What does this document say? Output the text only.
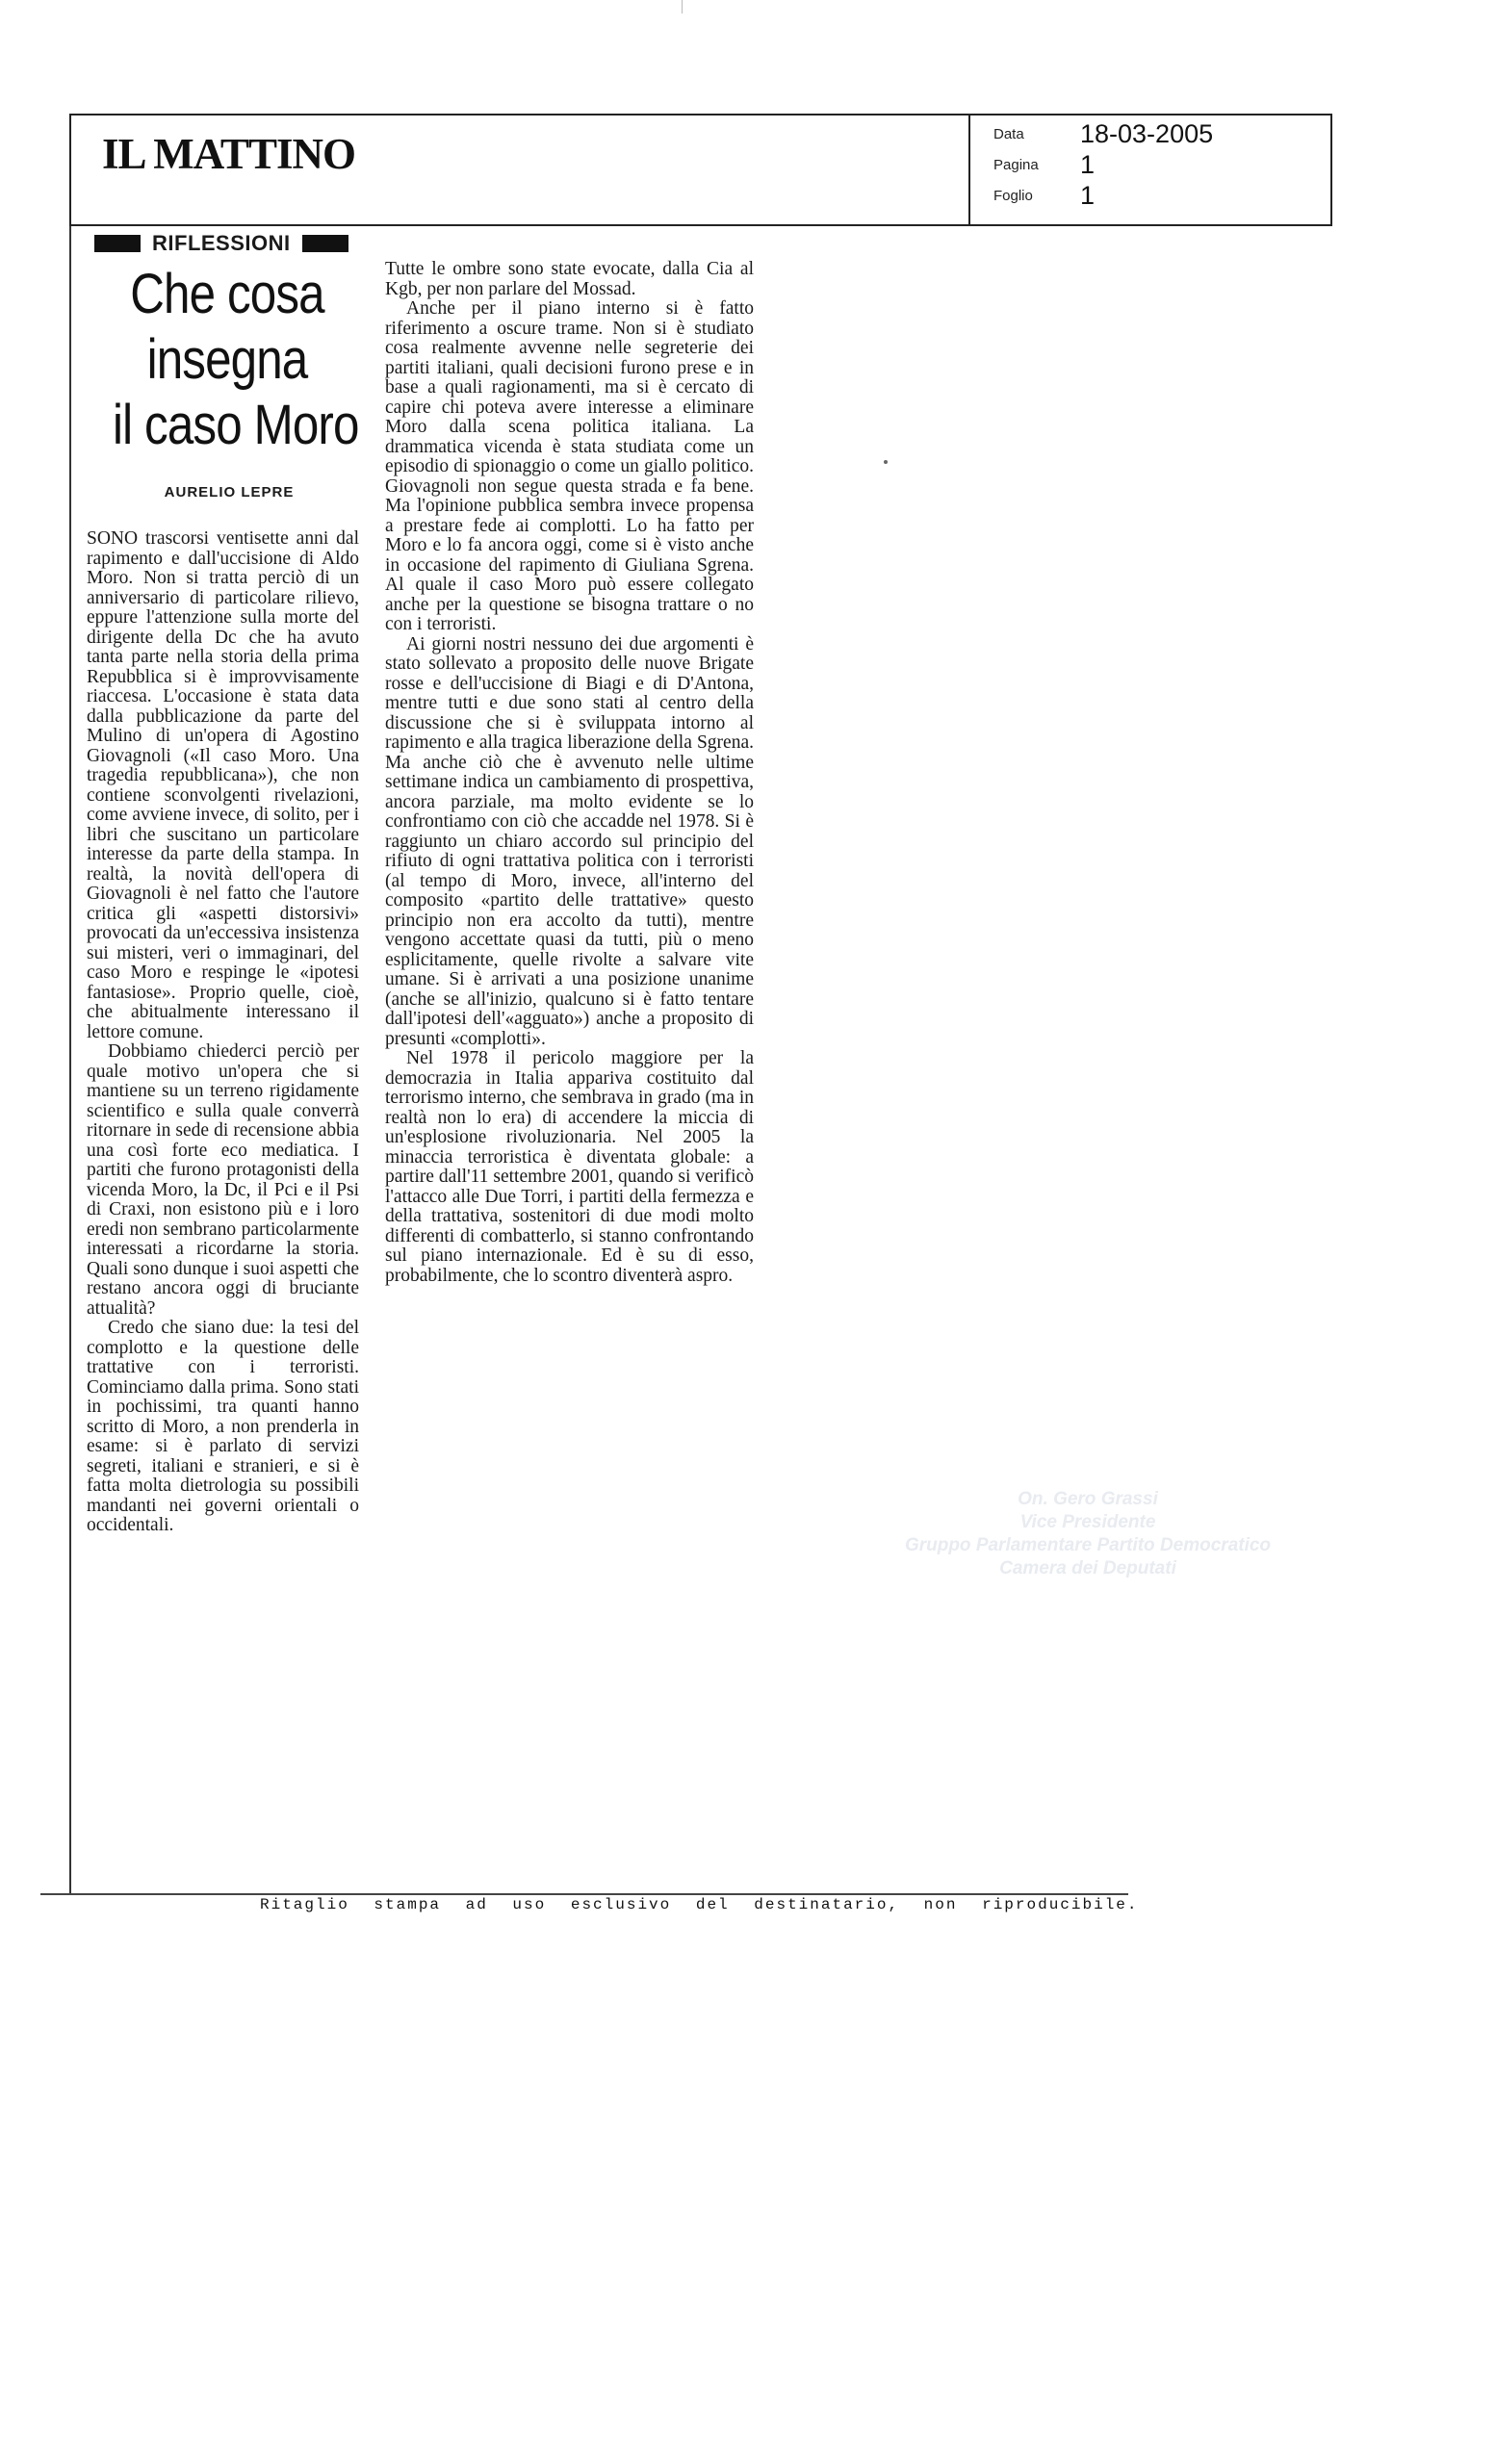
IL MATTINO	Data 18-03-2005
Pagina 1
Foglio 1
RIFLESSIONI
Che cosa
insegna
il caso Moro
AURELIO LEPRE

SONO trascorsi ventisette anni dal rapimento e dall'uccisione di Aldo Moro. Non si tratta perciò di un anniversario di particolare rilievo, eppure l'attenzione sulla morte del dirigente della Dc che ha avuto tanta parte nella storia della prima Repubblica si è improvvisamente riaccesa. L'occasione è stata data dalla pubblicazione da parte del Mulino di un'opera di Agostino Giovagnoli («Il caso Moro. Una tragedia repubblicana»), che non contiene sconvolgenti rivelazioni, come avviene invece, di solito, per i libri che suscitano un particolare interesse da parte della stampa. In realtà, la novità dell'opera di Giovagnoli è nel fatto che l'autore critica gli «aspetti distorsivi» provocati da un'eccessiva insistenza sui misteri, veri o immaginari, del caso Moro e respinge le «ipotesi fantasiose». Proprio quelle, cioè, che abitualmente interessano il lettore comune.

Dobbiamo chiederci perciò per quale motivo un'opera che si mantiene su un terreno rigidamente scientifico e sulla quale converrà ritornare in sede di recensione abbia una così forte eco mediatica. I partiti che furono protagonisti della vicenda Moro, la Dc, il Pci e il Psi di Craxi, non esistono più e i loro eredi non sembrano particolarmente interessati a ricordarne la storia. Quali sono dunque i suoi aspetti che restano ancora oggi di bruciante attualità?

Credo che siano due: la tesi del complotto e la questione delle trattative con i terroristi. Cominciamo dalla prima. Sono stati in pochissimi, tra quanti hanno scritto di Moro, a non prenderla in esame: si è parlato di servizi segreti, italiani e stranieri, e si è fatta molta dietrologia su possibili mandanti nei governi orientali o occidentali.

Tutte le ombre sono state evocate, dalla Cia al Kgb, per non parlare del Mossad.

Anche per il piano interno si è fatto riferimento a oscure trame. Non si è studiato cosa realmente avvenne nelle segreterie dei partiti italiani, quali decisioni furono prese e in base a quali ragionamenti, ma si è cercato di capire chi poteva avere interesse a eliminare Moro dalla scena politica italiana. La drammatica vicenda è stata studiata come un episodio di spionaggio o come un giallo politico. Giovagnoli non segue questa strada e fa bene. Ma l'opinione pubblica sembra invece propensa a prestare fede ai complotti. Lo ha fatto per Moro e lo fa ancora oggi, come si è visto anche in occasione del rapimento di Giuliana Sgrena. Al quale il caso Moro può essere collegato anche per la questione se bisogna trattare o no con i terroristi.

Ai giorni nostri nessuno dei due argomenti è stato sollevato a proposito delle nuove Brigate rosse e dell'uccisione di Biagi e di D'Antona, mentre tutti e due sono stati al centro della discussione che si è sviluppata intorno al rapimento e alla tragica liberazione della Sgrena. Ma anche ciò che è avvenuto nelle ultime settimane indica un cambiamento di prospettiva, ancora parziale, ma molto evidente se lo confrontiamo con ciò che accadde nel 1978. Si è raggiunto un chiaro accordo sul principio del rifiuto di ogni trattativa politica con i terroristi (al tempo di Moro, invece, all'interno del composito «partito delle trattative» questo principio non era accolto da tutti), mentre vengono accettate quasi da tutti, più o meno esplicitamente, quelle rivolte a salvare vite umane. Si è arrivati a una posizione unanime (anche se all'inizio, qualcuno si è fatto tentare dall'ipotesi dell'«agguato») anche a proposito di presunti «complotti».

Nel 1978 il pericolo maggiore per la democrazia in Italia appariva costituito dal terrorismo interno, che sembrava in grado (ma in realtà non lo era) di accendere la miccia di un'esplosione rivoluzionaria. Nel 2005 la minaccia terroristica è diventata globale: a partire dall'11 settembre 2001, quando si verificò l'attacco alle Due Torri, i partiti della fermezza e della trattativa, sostenitori di due modi molto differenti di combatterlo, si stanno confrontando sul piano internazionale. Ed è su di esso, probabilmente, che lo scontro diventerà aspro.

On. Gero Grassi
Vice Presidente
Gruppo Parlamentare Partito Democratico
Camera dei Deputati
Ritaglio stampa ad uso esclusivo del destinatario, non riproducibile.
